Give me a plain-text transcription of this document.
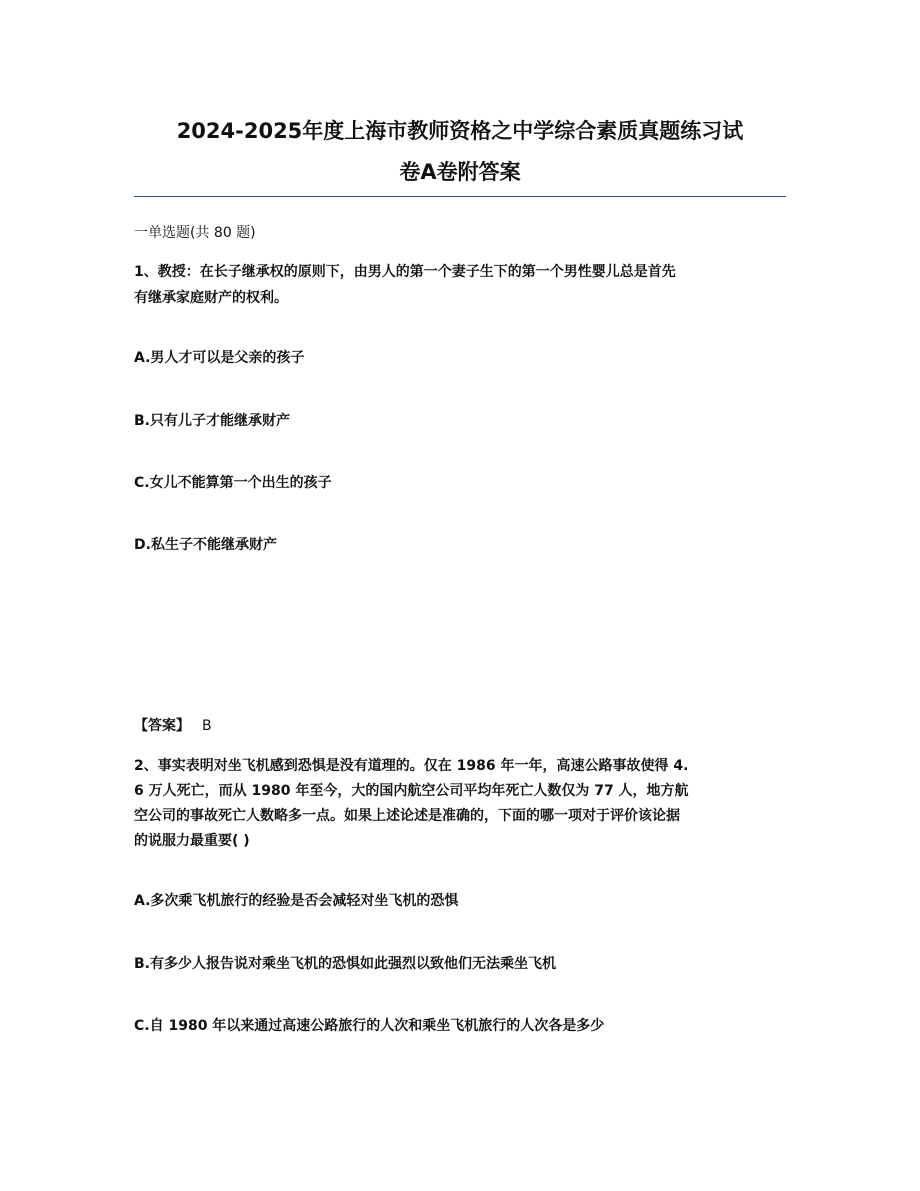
2024-2025年度上海市教师资格之中学综合素质真题练习试
卷A卷附答案
一单选题(共 80 题)
1、教授：在长子继承权的原则下，由男人的第一个妻子生下的第一个男性婴儿总是首先
有继承家庭财产的权利。
A.男人才可以是父亲的孩子
B.只有儿子才能继承财产
C.女儿不能算第一个出生的孩子
D.私生子不能继承财产
【答案】 B
2、事实表明对坐飞机感到恐惧是没有道理的。仅在 1986 年一年，高速公路事故使得 4.
6 万人死亡，而从 1980 年至今，大的国内航空公司平均年死亡人数仅为 77 人，地方航
空公司的事故死亡人数略多一点。如果上述论述是准确的，下面的哪一项对于评价该论据
的说服力最重要( )
A.多次乘飞机旅行的经验是否会减轻对坐飞机的恐惧
B.有多少人报告说对乘坐飞机的恐惧如此强烈以致他们无法乘坐飞机
C.自 1980 年以来通过高速公路旅行的人次和乘坐飞机旅行的人次各是多少
